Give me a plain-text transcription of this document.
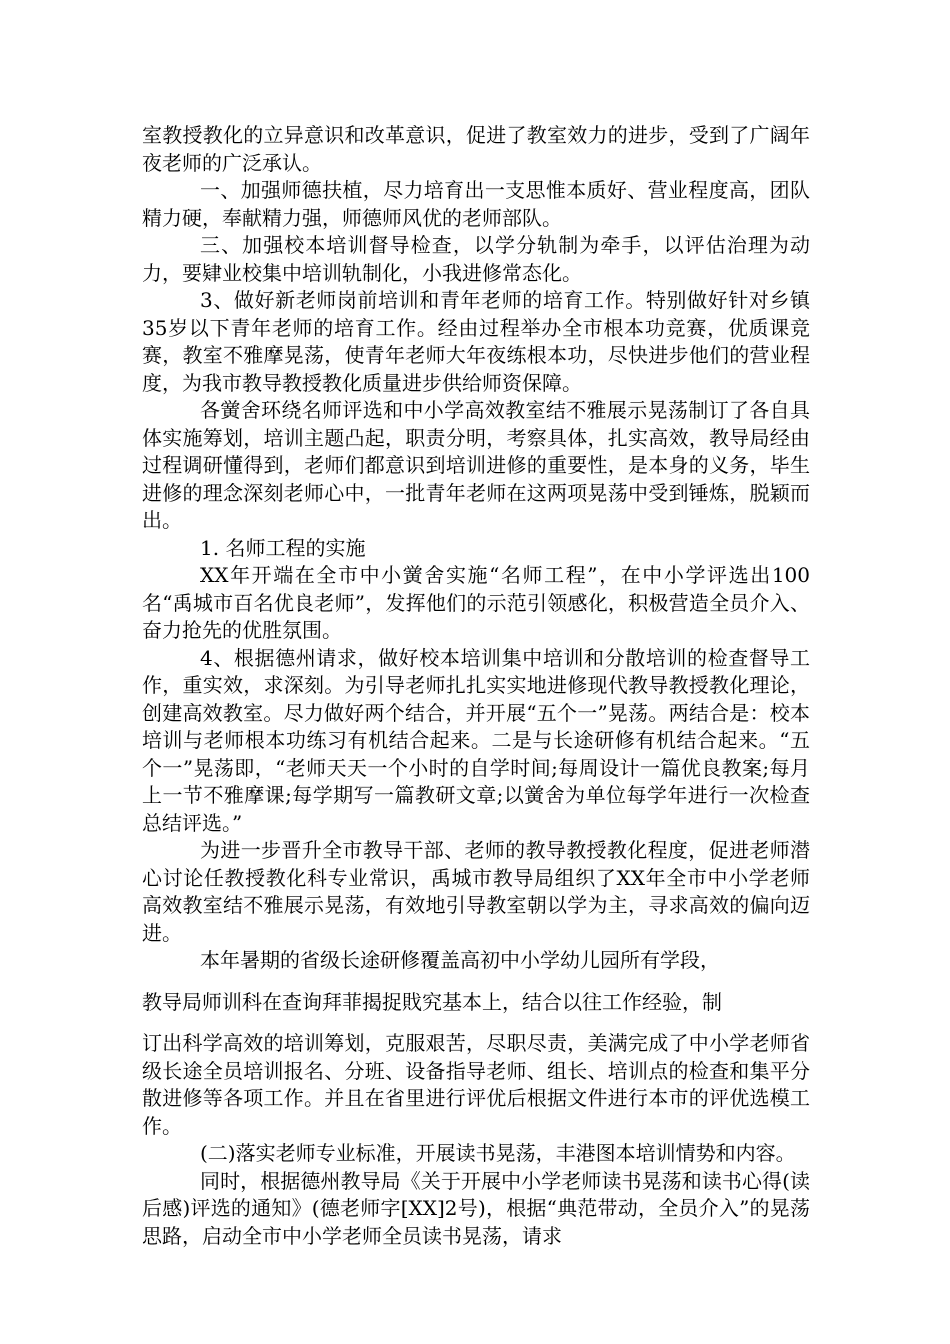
室教授教化的立异意识和改革意识，促进了教室效力的进步，受到了广阔年夜老师的广泛承认。

一、加强师德扶植，尽力培育出一支思惟本质好、营业程度高，团队精力硬，奉献精力强，师德师风优的老师部队。

三、加强校本培训督导检查，以学分轨制为牵手，以评估治理为动力，要肄业校集中培训轨制化，小我进修常态化。

3、做好新老师岗前培训和青年老师的培育工作。特别做好针对乡镇35岁以下青年老师的培育工作。经由过程举办全市根本功竞赛，优质课竞赛，教室不雅摩晃荡，使青年老师大年夜练根本功，尽快进步他们的营业程度，为我市教导教授教化质量进步供给师资保障。

各黉舍环绕名师评选和中小学高效教室结不雅展示晃荡制订了各自具体实施筹划，培训主题凸起，职责分明，考察具体，扎实高效，教导局经由过程调研懂得到，老师们都意识到培训进修的重要性，是本身的义务，毕生进修的理念深刻老师心中，一批青年老师在这两项晃荡中受到锤炼，脱颖而出。

1. 名师工程的实施

XX年开端在全市中小黉舍实施“名师工程”，在中小学评选出100名“禹城市百名优良老师”，发挥他们的示范引领感化，积极营造全员介入、奋力抢先的优胜氛围。

4、根据德州请求，做好校本培训集中培训和分散培训的检查督导工作，重实效，求深刻。为引导老师扎扎实实地进修现代教导教授教化理论，创建高效教室。尽力做好两个结合，并开展“五个一”晃荡。两结合是：校本培训与老师根本功练习有机结合起来。二是与长途研修有机结合起来。“五个一”晃荡即，“老师天天一个小时的自学时间;每周设计一篇优良教案;每月上一节不雅摩课;每学期写一篇教研文章;以黉舍为单位每学年进行一次检查总结评选。”

为进一步晋升全市教导干部、老师的教导教授教化程度，促进老师潜心讨论任教授教化科专业常识，禹城市教导局组织了XX年全市中小学老师高效教室结不雅展示晃荡，有效地引导教室朝以学为主，寻求高效的偏向迈进。

本年暑期的省级长途研修覆盖高初中小学幼儿园所有学段，

教导局师训科在查询拜菲揭捉戝究基本上，结合以往工作经验，制

订出科学高效的培训筹划，克服艰苦，尽职尽责，美满完成了中小学老师省级长途全员培训报名、分班、设备指导老师、组长、培训点的检查和集平分散进修等各项工作。并且在省里进行评优后根据文件进行本市的评优选模工作。

(二)落实老师专业标准，开展读书晃荡，丰港图本培训情势和内容。

同时，根据德州教导局《关于开展中小学老师读书晃荡和读书心得(读后感)评选的通知》(德老师字[XX]2号)，根据“典范带动，全员介入”的晃荡思路，启动全市中小学老师全员读书晃荡，请求
